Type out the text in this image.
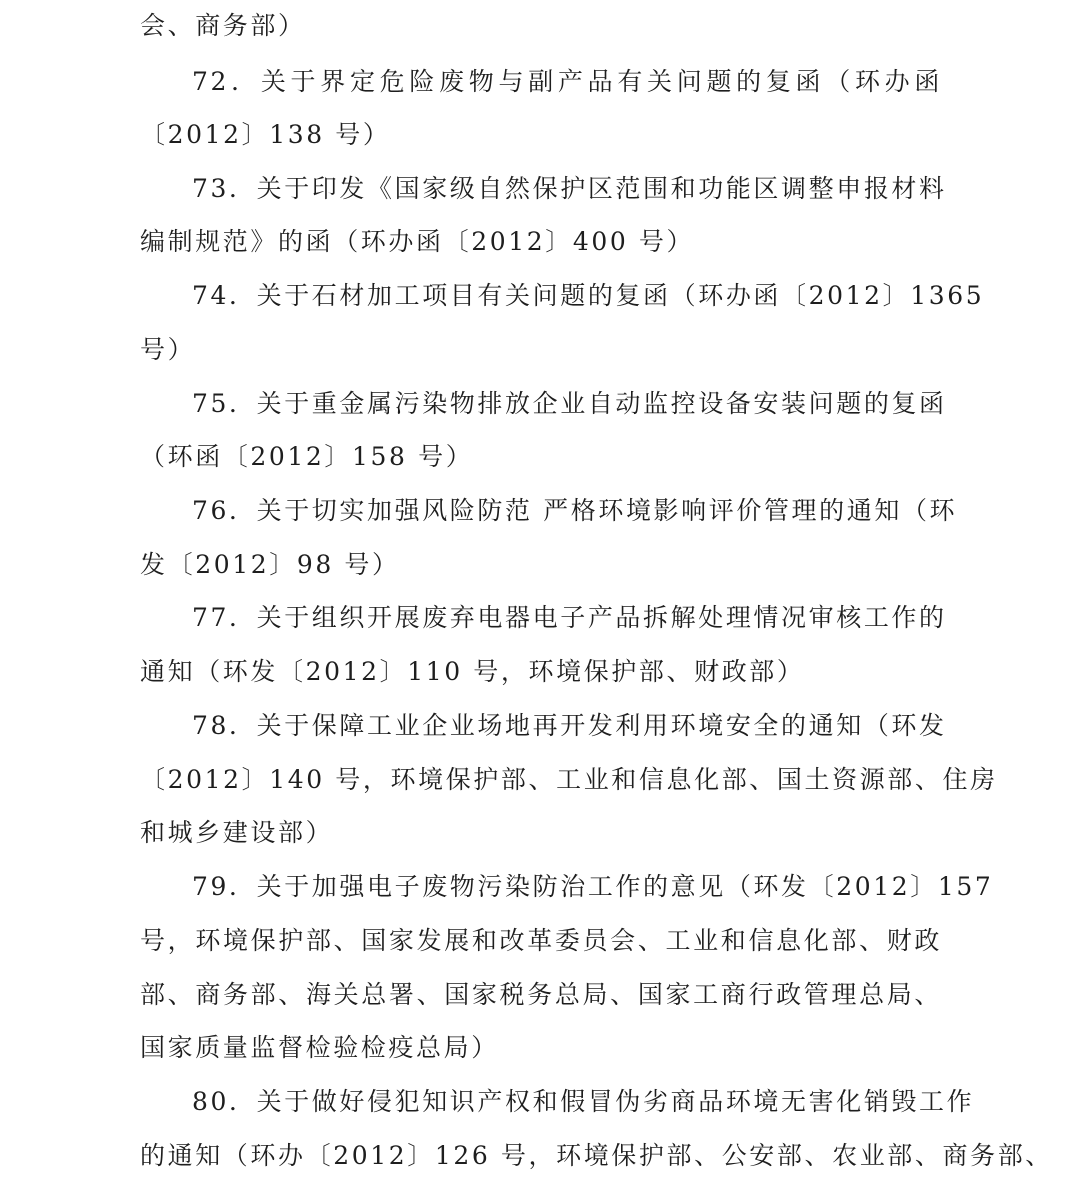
会、商务部）
72．关于界定危险废物与副产品有关问题的复函（环办函
〔2012〕138 号）
73．关于印发《国家级自然保护区范围和功能区调整申报材料
编制规范》的函（环办函〔2012〕400 号）
74．关于石材加工项目有关问题的复函（环办函〔2012〕1365
号）
75．关于重金属污染物排放企业自动监控设备安装问题的复函
（环函〔2012〕158 号）
76．关于切实加强风险防范 严格环境影响评价管理的通知（环
发〔2012〕98 号）
77．关于组织开展废弃电器电子产品拆解处理情况审核工作的
通知（环发〔2012〕110 号，环境保护部、财政部）
78．关于保障工业企业场地再开发利用环境安全的通知（环发
〔2012〕140 号，环境保护部、工业和信息化部、国土资源部、住房
和城乡建设部）
79．关于加强电子废物污染防治工作的意见（环发〔2012〕157
号，环境保护部、国家发展和改革委员会、工业和信息化部、财政
部、商务部、海关总署、国家税务总局、国家工商行政管理总局、
国家质量监督检验检疫总局）
80．关于做好侵犯知识产权和假冒伪劣商品环境无害化销毁工作
的通知（环办〔2012〕126 号，环境保护部、公安部、农业部、商务部、
